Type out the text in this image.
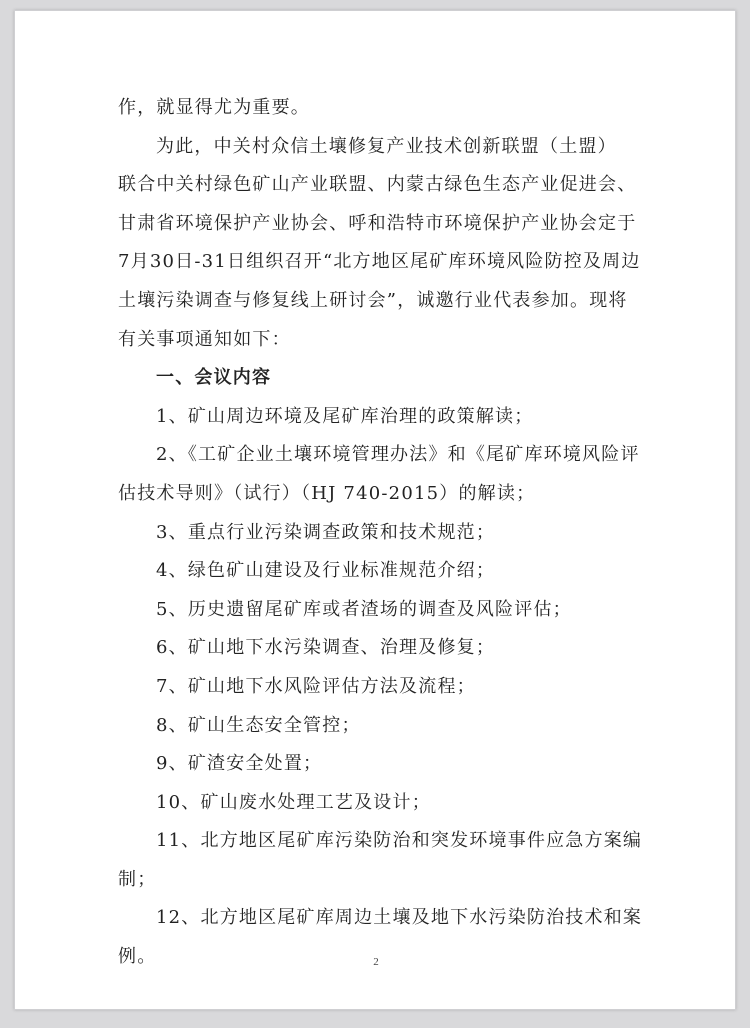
作，就显得尤为重要。
为此，中关村众信土壤修复产业技术创新联盟（土盟）
联合中关村绿色矿山产业联盟、内蒙古绿色生态产业促进会、
甘肃省环境保护产业协会、呼和浩特市环境保护产业协会定于
7月30日-31日组织召开“北方地区尾矿库环境风险防控及周边
土壤污染调查与修复线上研讨会”，诚邀行业代表参加。现将
有关事项通知如下：
一、会议内容
1、矿山周边环境及尾矿库治理的政策解读；
2、《工矿企业土壤环境管理办法》和《尾矿库环境风险评
估技术导则》（试行）（HJ 740-2015）的解读；
3、重点行业污染调查政策和技术规范；
4、绿色矿山建设及行业标准规范介绍；
5、历史遗留尾矿库或者渣场的调查及风险评估；
6、矿山地下水污染调查、治理及修复；
7、矿山地下水风险评估方法及流程；
8、矿山生态安全管控；
9、矿渣安全处置；
10、矿山废水处理工艺及设计；
11、北方地区尾矿库污染防治和突发环境事件应急方案编
制；
12、北方地区尾矿库周边土壤及地下水污染防治技术和案
例。	2
